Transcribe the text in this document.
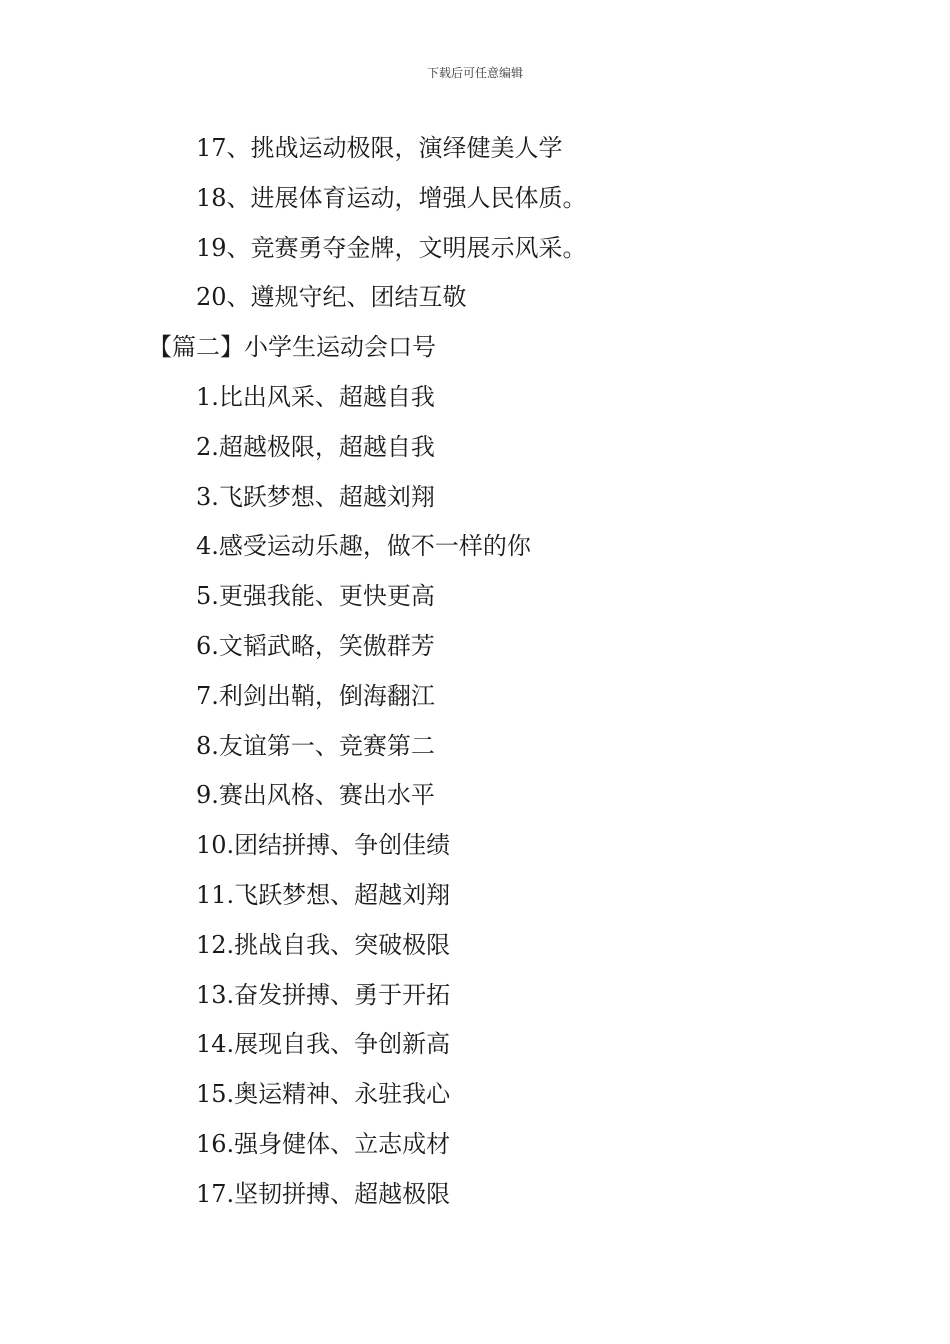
下载后可任意编辑
17、挑战运动极限，演绎健美人学
18、进展体育运动，增强人民体质。
19、竞赛勇夺金牌，文明展示风采。
20、遵规守纪、团结互敬
【篇二】小学生运动会口号
1.比出风采、超越自我
2.超越极限，超越自我
3.飞跃梦想、超越刘翔
4.感受运动乐趣，做不一样的你
5.更强我能、更快更高
6.文韬武略，笑傲群芳
7.利剑出鞘，倒海翻江
8.友谊第一、竞赛第二
9.赛出风格、赛出水平
10.团结拼搏、争创佳绩
11.飞跃梦想、超越刘翔
12.挑战自我、突破极限
13.奋发拼搏、勇于开拓
14.展现自我、争创新高
15.奥运精神、永驻我心
16.强身健体、立志成材
17.坚韧拼搏、超越极限
